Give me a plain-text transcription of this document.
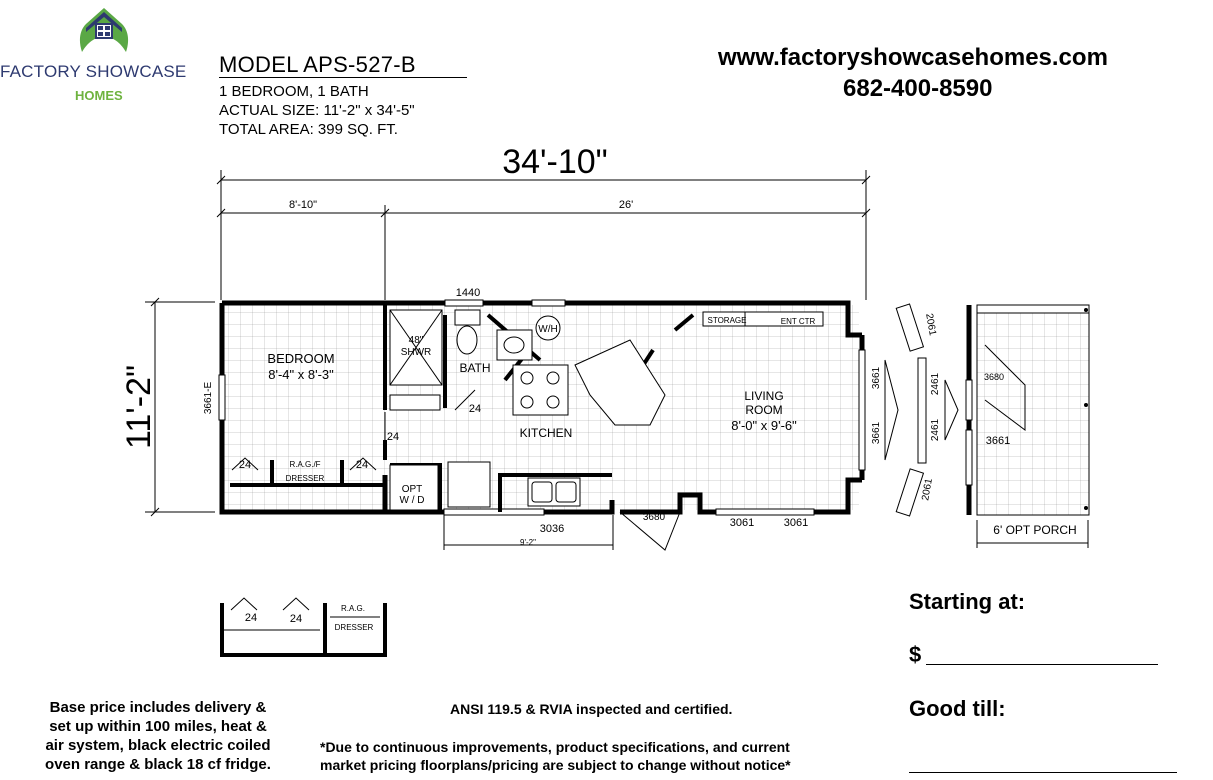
FACTORY SHOWCASE
HOMES
MODEL APS-527-B
1 BEDROOM, 1 BATH
ACTUAL SIZE: 11'-2" x 34'-5"
TOTAL AREA: 399 SQ. FT.
www.factoryshowcasehomes.com
682-400-8590
34'-10"
8'-10"	26'
11'-2"
BEDROOM
8'-4" x 8'-3"	BATH
48"
SHWR
W/H
KITCHEN
LIVING
ROOM
8'-0" x 9'-6"
STORAGE	ENT CTR
1440
3661-E	24
24
24	24
R.A.G./F
DRESSER
OPT
W / D
3036
9'-2"
3680	3061	3061
3661
3661
2061
2461
2461
2061
3680
3661
6' OPT PORCH
24	24
R.A.G.
DRESSER
Starting at:
$
Good till:
Base price includes delivery &
set up within 100 miles, heat &
air system, black electric coiled
oven range & black 18 cf fridge.
ANSI 119.5 & RVIA inspected and certified.
*Due to continuous improvements, product specifications, and current
market pricing floorplans/pricing are subject to change without notice*
